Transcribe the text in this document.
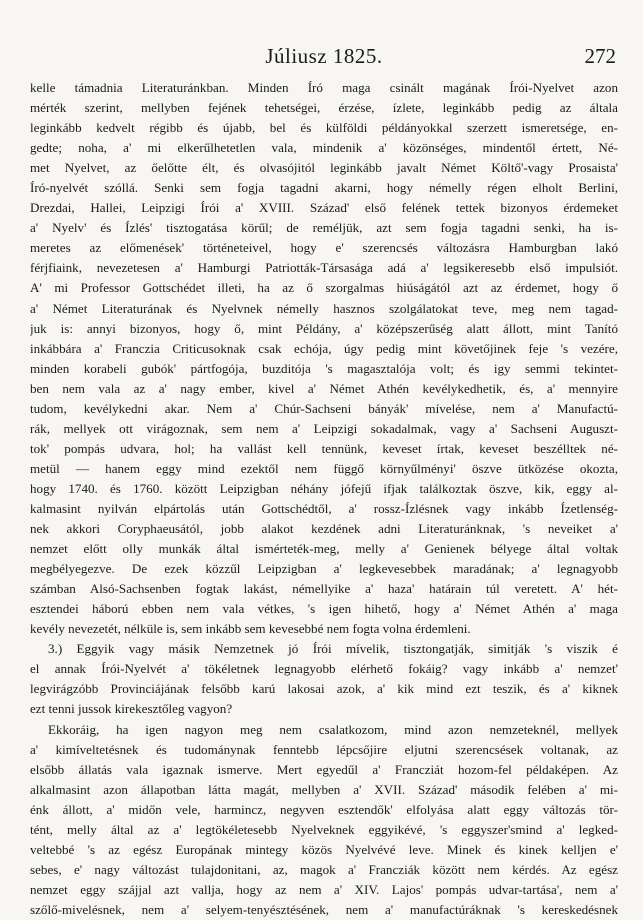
Júliusz 1825.	272
kelle támadnia Literaturánkban. Minden Író maga csinált magának Írói-Nyelvet azon
mérték szerint, mellyben fejének tehetségei, érzése, ízlete, leginkább pedig az általa
leginkább kedvelt régibb és újabb, bel és külföldi példányokkal szerzett ismeretsége, en-
gedte; noha, a' mi elkerűlhetetlen vala, mindenik a' közönséges, mindentől értett, Né-
met Nyelvet, az őelőtte élt, és olvasójitól leginkább javalt Német Költő'-vagy Prosaista'
Író-nyelvét szóllá. Senki sem fogja tagadni akarni, hogy némelly régen elholt Berlini,
Drezdai, Hallei, Leipzigi Írói a' XVIII. Század' első felének tettek bizonyos érdemeket
a' Nyelv' és Ízlés' tisztogatása körűl; de reméljük, azt sem fogja tagadni senki, ha is-
meretes az előmenések' történeteivel, hogy e' szerencsés változásra Hamburgban lakó
férjfiaink, nevezetesen a' Hamburgi Patriották-Társasága adá a' legsikeresebb első impulsiót.
A' mi Professor Gottschédet illeti, ha az ő szorgalmas hiúságától azt az érdemet, hogy ő
a' Német Literaturának és Nyelvnek némelly hasznos szolgálatokat teve, meg nem tagad-
juk is: annyi bizonyos, hogy ő, mint Példány, a' középszerűség alatt állott, mint Tanító
inkábbára a' Franczia Criticusoknak csak echója, úgy pedig mint követőjinek feje 's vezére,
minden korabeli gubók' pártfogója, buzditója 's magasztalója volt; és igy semmi tekintet-
ben nem vala az a' nagy ember, kivel a' Német Athén kevélykedhetik, és, a' mennyire
tudom, kevélykedni akar. Nem a' Chúr-Sachseni bányák' mívelése, nem a' Manufactú-
rák, mellyek ott virágoznak, sem nem a' Leipzigi sokadalmak, vagy a' Sachseni Auguszt-
tok' pompás udvara, hol; ha vallást kell tennünk, keveset írtak, keveset beszélltek né-
metül — hanem eggy mind ezektől nem függő környűlményi' öszve ütközése okozta,
hogy 1740. és 1760. között Leipzigban néhány jófejű ifjak találkoztak öszve, kik, eggy al-
kalmasint nyilván elpártolás után Gottschédtől, a' rossz-Ízlésnek vagy inkább Ízetlenség-
nek akkori Coryphaeusától, jobb alakot kezdének adni Literaturánknak, 's neveiket a'
nemzet előtt olly munkák által ismérteték-meg, melly a' Genienek bélyege által voltak
megbélyegezve. De ezek közzűl Leipzigban a' legkevesebbek maradának; a' legnagyobb
számban Alsó-Sachsenben fogtak lakást, némellyike a' haza' határain túl veretett. A' hét-
esztendei háború ebben nem vala vétkes, 's igen hihető, hogy a' Német Athén a' maga
kevély nevezetét, nélküle is, sem inkább sem kevesebbé nem fogta volna érdemleni.
3.) Eggyik vagy másik Nemzetnek jó Írói mívelik, tisztongatják, simitják 's viszik é
el annak Írói-Nyelvét a' tökéletnek legnagyobb elérhető fokáig? vagy inkább a' nemzet'
legvirágzóbb Provinciájának felsőbb karú lakosai azok, a' kik mind ezt teszik, és a' kiknek
ezt tenni jussok kirekesztőleg vagyon?
Ekkoráig, ha igen nagyon meg nem csalatkozom, mind azon nemzeteknél, mellyek
a' kimíveltetésnek és tudománynak fenntebb lépcsőjire eljutni szerencsések voltanak, az
elsőbb állatás vala igaznak ismerve. Mert egyedűl a' Francziát hozom-fel példaképen. Az
alkalmasint azon állapotban látta magát, mellyben a' XVII. Század' második felében a' mi-
énk állott, a' midőn vele, harmincz, negyven esztendők' elfolyása alatt eggy változás tör-
tént, melly által az a' legtökéletesebb Nyelveknek eggyikévé, 's eggyszer'smind a' legked-
veltebbé 's az egész Europának mintegy közös Nyelvévé leve. Minek és kinek kelljen e'
sebes, e' nagy változást tulajdonitani, az, magok a' Francziák között nem kérdés. Az egész
nemzet eggy szájjal azt vallja, hogy az nem a' XIV. Lajos' pompás udvar-tartása', nem a'
szőlő-mivelésnek, nem a' selyem-tenyésztésének, nem a' manufactúráknak 's kereskedésnek
